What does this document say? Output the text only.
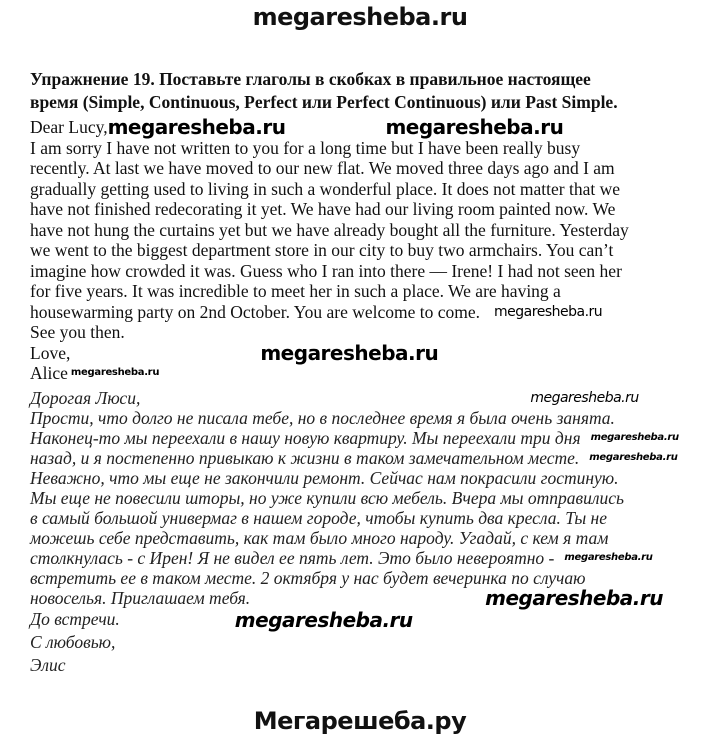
megaresheba.ru
Упражнение 19. Поставьте глаголы в скобках в правильное настоящее
время (Simple, Continuous, Perfect или Perfect Continuous) или Past Simple.
Dear Lucy,megaresheba.ru	megaresheba.ru
I am sorry I have not written to you for a long time but I have been really busy
recently. At last we have moved to our new flat. We moved three days ago and I am
gradually getting used to living in such a wonderful place. It does not matter that we
have not finished redecorating it yet. We have had our living room painted now. We
have not hung the curtains yet but we have already bought all the furniture. Yesterday
we went to the biggest department store in our city to buy two armchairs. You can’t
imagine how crowded it was. Guess who I ran into there — Irene! I had not seen her
for five years. It was incredible to meet her in such a place. We are having a
housewarming party on 2nd October. You are welcome to come. megaresheba.ru
See you then.
Love,	megaresheba.ru
Alice megaresheba.ru
Дорогая Люси,	megaresheba.ru
Прости, что долго не писала тебе, но в последнее время я была очень занята.
Наконец-то мы переехали в нашу новую квартиру. Мы переехали три дня megaresheba.ru
назад, и я постепенно привыкаю к жизни в таком замечательном месте. megaresheba.ru
Неважно, что мы еще не закончили ремонт. Сейчас нам покрасили гостиную.
Мы еще не повесили шторы, но уже купили всю мебель. Вчера мы отправились
в самый большой универмаг в нашем городе, чтобы купить два кресла. Ты не
можешь себе представить, как там было много народу. Угадай, с кем я там
столкнулась - с Ирен! Я не видел ее пять лет. Это было невероятно - megaresheba.ru
встретить ее в таком месте. 2 октября у нас будет вечеринка по случаю
новоселья. Приглашаем тебя.	megaresheba.ru
До встречи.	megaresheba.ru
С любовью,
Элис
Мегарешеба.ру
